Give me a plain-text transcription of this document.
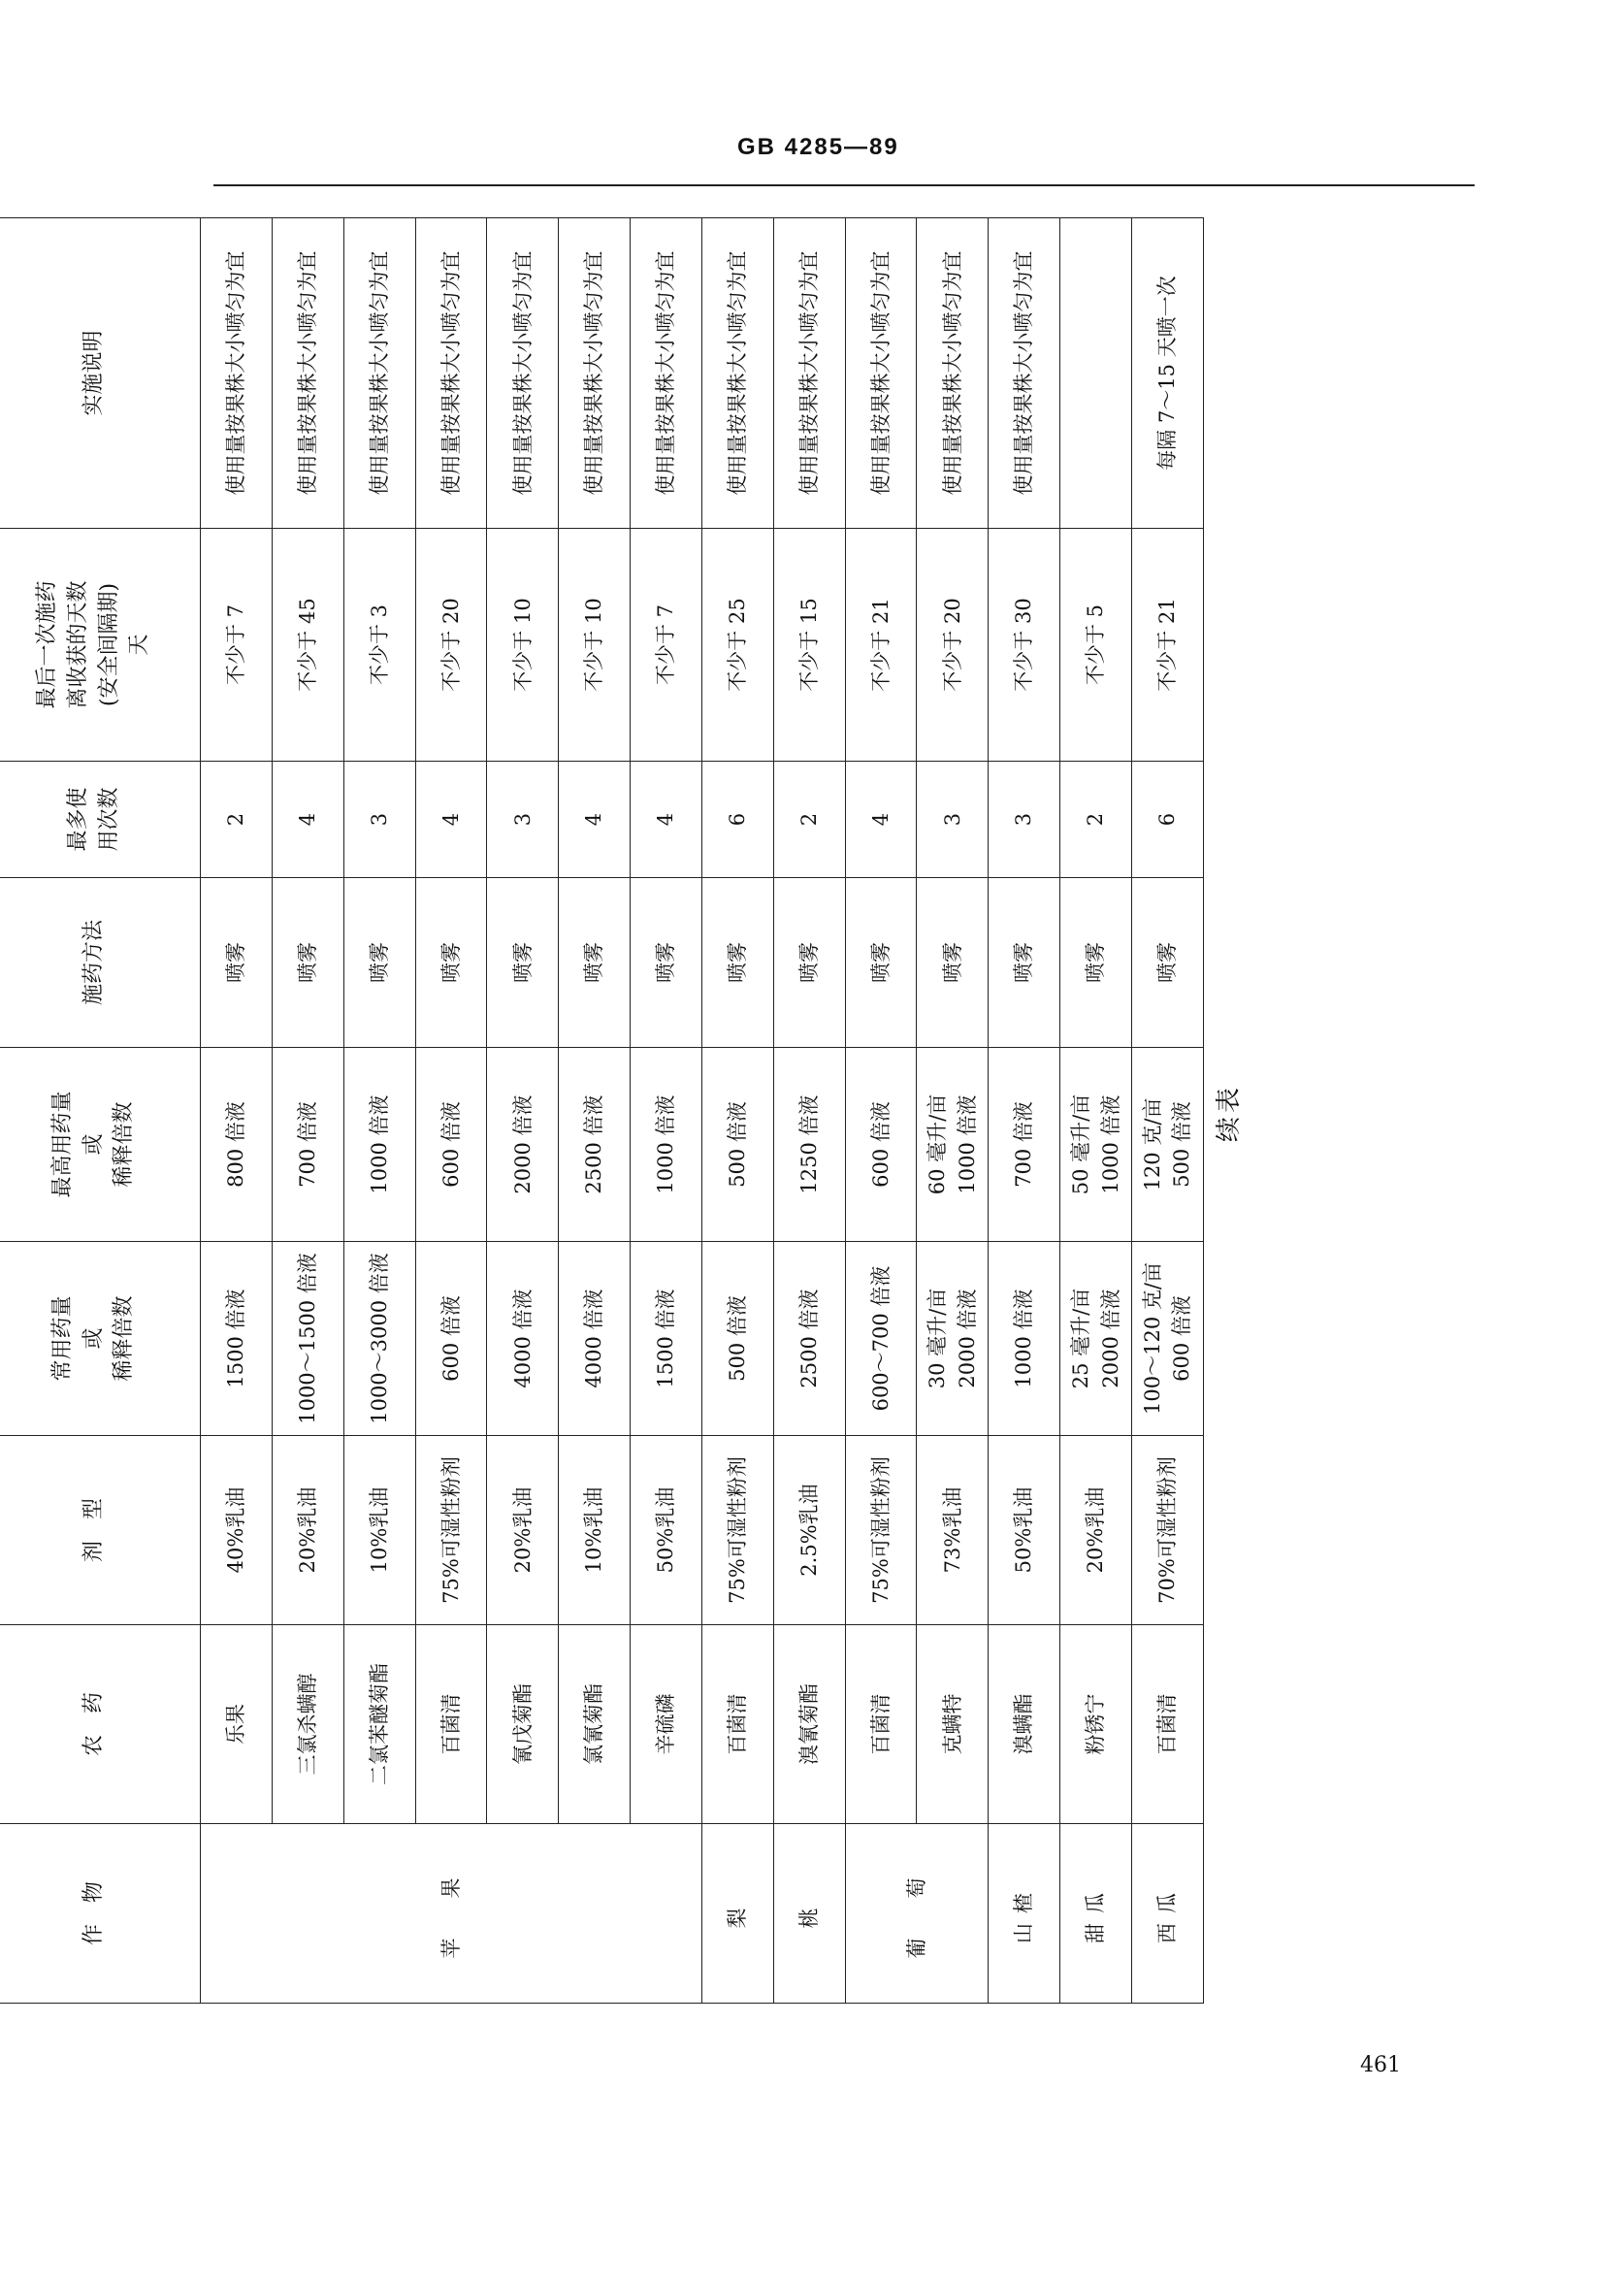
GB 4285—89
作　物	农　药	剂　型	常用药量 或 稀释倍数	最高用药量 或 稀释倍数	施药方法	最多使 用次数	最后一次施药 离收获的天数 (安全间隔期) 天	实施说明
苹　果	乐果	40%乳油	1500 倍液	800 倍液	喷雾	2	不少于 7	使用量按果株大小喷匀为宜
	三氯杀螨醇	20%乳油	1000～1500 倍液	700 倍液	喷雾	4	不少于 45	使用量按果株大小喷匀为宜
	二氯苯醚菊酯	10%乳油	1000～3000 倍液	1000 倍液	喷雾	3	不少于 3	使用量按果株大小喷匀为宜
	百菌清	75%可湿性粉剂	600 倍液	600 倍液	喷雾	4	不少于 20	使用量按果株大小喷匀为宜
	氰戊菊酯	20%乳油	4000 倍液	2000 倍液	喷雾	3	不少于 10	使用量按果株大小喷匀为宜
	氯氰菊酯	10%乳油	4000 倍液	2500 倍液	喷雾	4	不少于 10	使用量按果株大小喷匀为宜
	辛硫磷	50%乳油	1500 倍液	1000 倍液	喷雾	4	不少于 7	使用量按果株大小喷匀为宜
梨	百菌清	75%可湿性粉剂	500 倍液	500 倍液	喷雾	6	不少于 25	使用量按果株大小喷匀为宜
桃	溴氰菊酯	2.5%乳油	2500 倍液	1250 倍液	喷雾	2	不少于 15	使用量按果株大小喷匀为宜
葡　萄	百菌清	75%可湿性粉剂	600～700 倍液	600 倍液	喷雾	4	不少于 21	使用量按果株大小喷匀为宜
	克螨特	73%乳油	30 毫升/亩 2000 倍液	60 毫升/亩 1000 倍液	喷雾	3	不少于 20	使用量按果株大小喷匀为宜
山楂	溴螨酯	50%乳油	1000 倍液	700 倍液	喷雾	3	不少于 30	使用量按果株大小喷匀为宜
甜瓜	粉锈宁	20%乳油	25 毫升/亩 2000 倍液	50 毫升/亩 1000 倍液	喷雾	2	不少于 5	
西瓜	百菌清	70%可湿性粉剂	100～120 克/亩 600 倍液	120 克/亩 500 倍液	喷雾	6	不少于 21	每隔 7～15 天喷一次
续表
461
